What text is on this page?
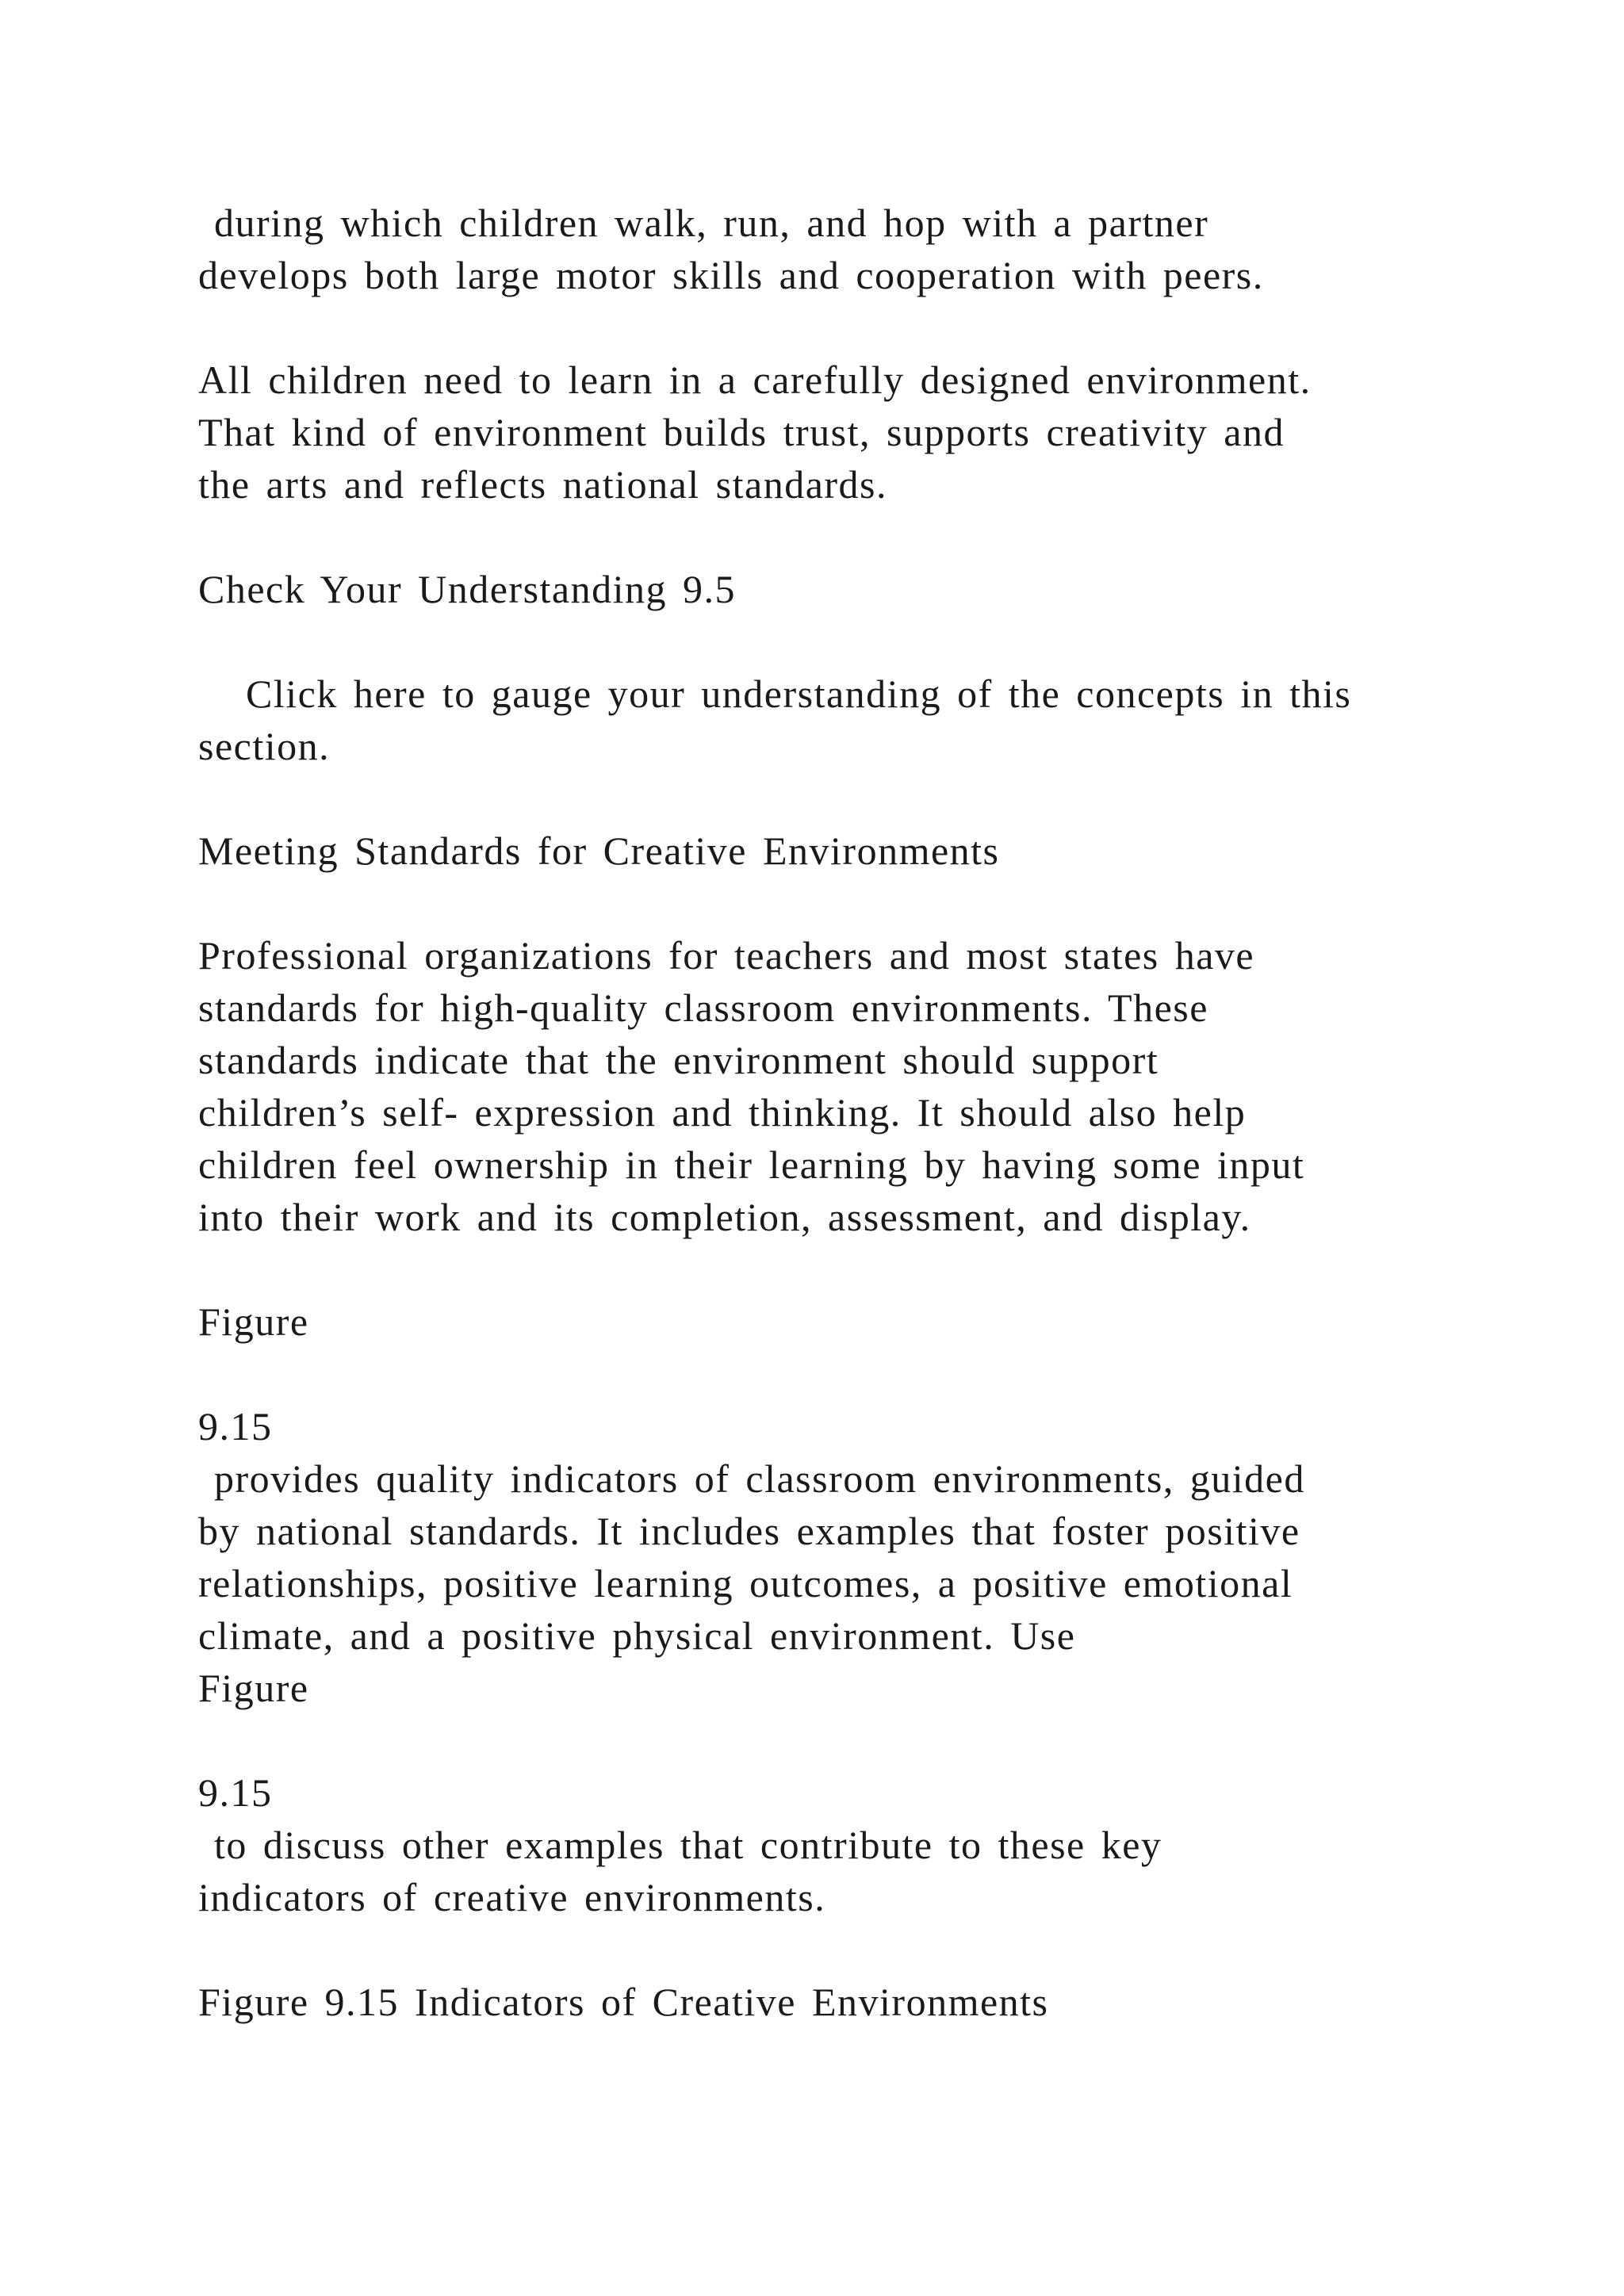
during which children walk, run, and hop with a partner
develops both large motor skills and cooperation with peers.
All children need to learn in a carefully designed environment.
That kind of environment builds trust, supports creativity and
the arts and reflects national standards.
Check Your Understanding 9.5
Click here to gauge your understanding of the concepts in this
section.
Meeting Standards for Creative Environments
Professional organizations for teachers and most states have
standards for high-quality classroom environments. These
standards indicate that the environment should support
children’s self- expression and thinking. It should also help
children feel ownership in their learning by having some input
into their work and its completion, assessment, and display.
Figure
9.15
provides quality indicators of classroom environments, guided
by national standards. It includes examples that foster positive
relationships, positive learning outcomes, a positive emotional
climate, and a positive physical environment. Use
Figure
9.15
to discuss other examples that contribute to these key
indicators of creative environments.
Figure 9.15 Indicators of Creative Environments
